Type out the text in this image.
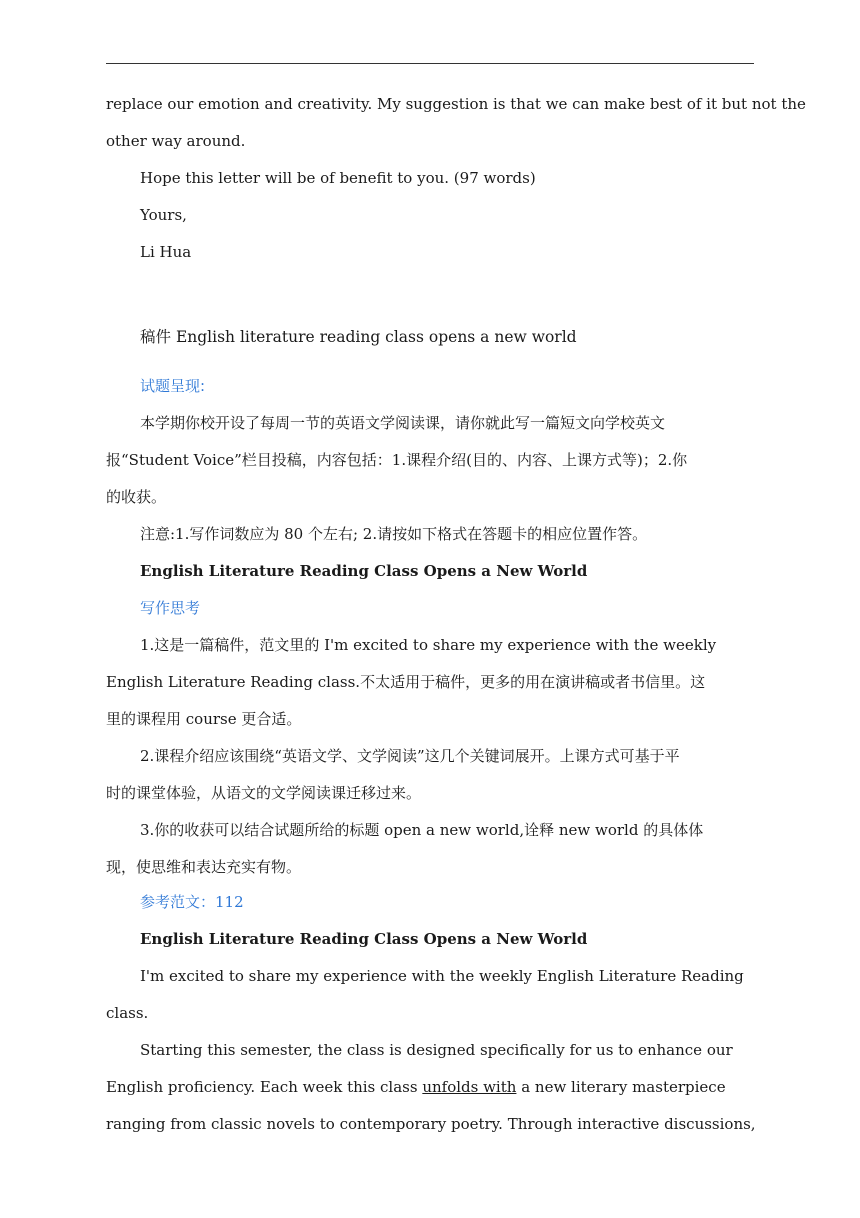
replace our emotion and creativity. My suggestion is that we can make best of it but not the
other way around.
Hope this letter will be of benefit to you. (97 words)
Yours,
Li Hua
稿件 English literature reading class opens a new world
试题呈现:
本学期你校开设了每周一节的英语文学阅读课，请你就此写一篇短文向学校英文
报“Student Voice”栏目投稿，内容包括：1.课程介绍(目的、内容、上课方式等)；2.你
的收获。
注意:1.写作词数应为 80 个左右; 2.请按如下格式在答题卡的相应位置作答。
English Literature Reading Class Opens a New World
写作思考
1.这是一篇稿件，范文里的 I'm excited to share my experience with the weekly
English Literature Reading class.不太适用于稿件，更多的用在演讲稿或者书信里。这
里的课程用 course 更合适。
2.课程介绍应该围绕“英语文学、文学阅读”这几个关键词展开。上课方式可基于平
时的课堂体验，从语文的文学阅读课迁移过来。
3.你的收获可以结合试题所给的标题 open a new world,诠释 new world 的具体体
现，使思维和表达充实有物。
参考范文：112
English Literature Reading Class Opens a New World
I'm excited to share my experience with the weekly English Literature Reading
class.
Starting this semester, the class is designed specifically for us to enhance our
English proficiency. Each week this class unfolds with a new literary masterpiece
ranging from classic novels to contemporary poetry. Through interactive discussions,
